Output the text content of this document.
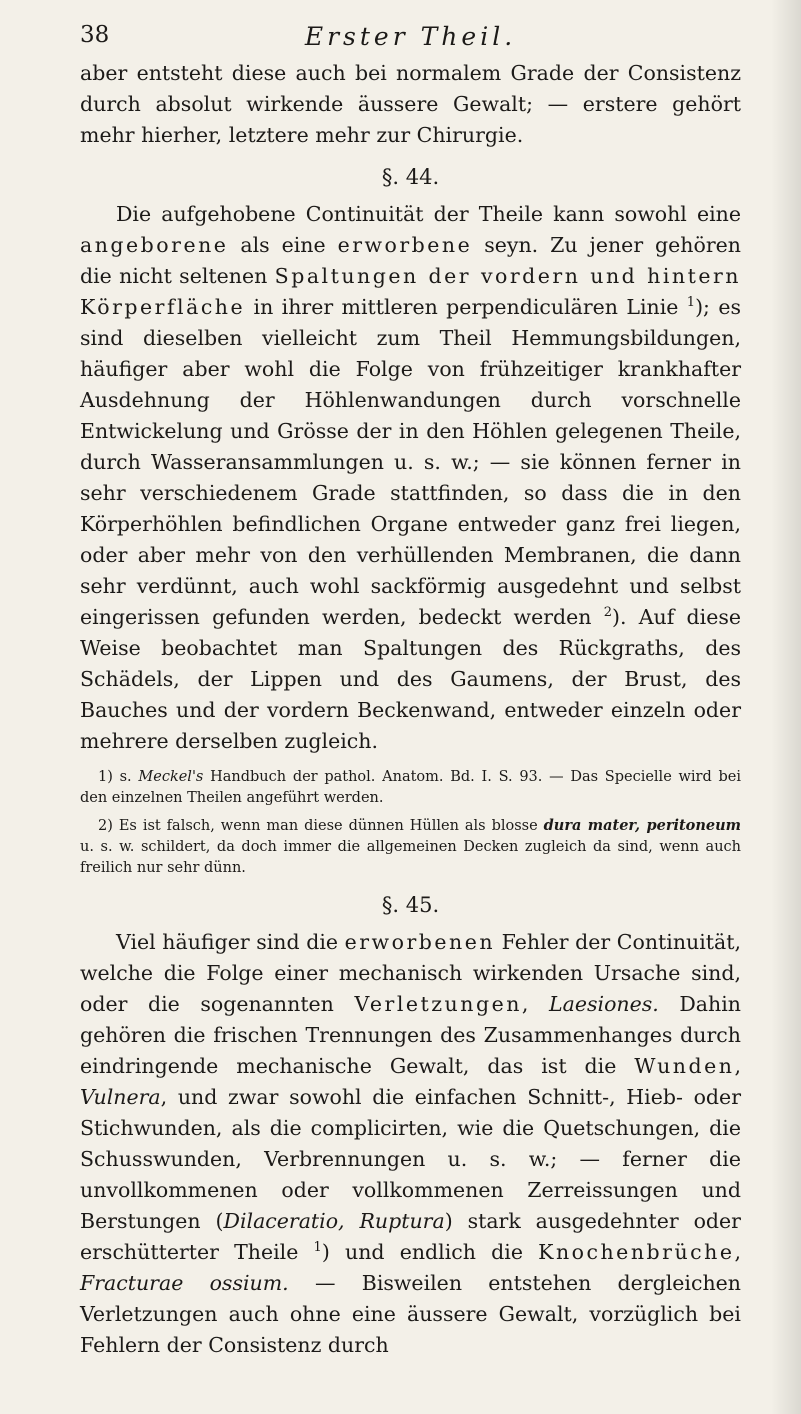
38	Erster Theil.

aber entsteht diese auch bei normalem Grade der Consistenz durch absolut wirkende äussere Gewalt; — erstere gehört mehr hierher, letztere mehr zur Chirurgie.

§. 44.

Die aufgehobene Continuität der Theile kann sowohl eine angeborene als eine erworbene seyn. Zu jener gehören die nicht seltenen Spaltungen der vordern und hintern Körperfläche in ihrer mittleren perpendiculären Linie $^1$); es sind dieselben vielleicht zum Theil Hemmungsbildungen, häufiger aber wohl die Folge von frühzeitiger krankhafter Ausdehnung der Höhlenwandungen durch vorschnelle Entwickelung und Grösse der in den Höhlen gelegenen Theile, durch Wasseransammlungen u. s. w.; — sie können ferner in sehr verschiedenem Grade stattfinden, so dass die in den Körperhöhlen befindlichen Organe entweder ganz frei liegen, oder aber mehr von den verhüllenden Membranen, die dann sehr verdünnt, auch wohl sackförmig ausgedehnt und selbst eingerissen gefunden werden, bedeckt werden $^2$). Auf diese Weise beobachtet man Spaltungen des Rückgraths, des Schädels, der Lippen und des Gaumens, der Brust, des Bauches und der vordern Beckenwand, entweder einzeln oder mehrere derselben zugleich.

1) s. Meckel's Handbuch der pathol. Anatom. Bd. I. S. 93. — Das Specielle wird bei den einzelnen Theilen angeführt werden.

2) Es ist falsch, wenn man diese dünnen Hüllen als blosse dura mater, peritoneum u. s. w. schildert, da doch immer die allgemeinen Decken zugleich da sind, wenn auch freilich nur sehr dünn.

§. 45.

Viel häufiger sind die erworbenen Fehler der Continuität, welche die Folge einer mechanisch wirkenden Ursache sind, oder die sogenannten Verletzungen, Laesiones. Dahin gehören die frischen Trennungen des Zusammenhanges durch eindringende mechanische Gewalt, das ist die Wunden, Vulnera, und zwar sowohl die einfachen Schnitt-, Hieb- oder Stichwunden, als die complicirten, wie die Quetschungen, die Schusswunden, Verbrennungen u. s. w.; — ferner die unvollkommenen oder vollkommenen Zerreissungen und Berstungen (Dilaceratio, Ruptura) stark ausgedehnter oder erschütterter Theile $^1$) und endlich die Knochenbrüche, Fracturae ossium. — Bisweilen entstehen dergleichen Verletzungen auch ohne eine äussere Gewalt, vorzüglich bei Fehlern der Consistenz durch
